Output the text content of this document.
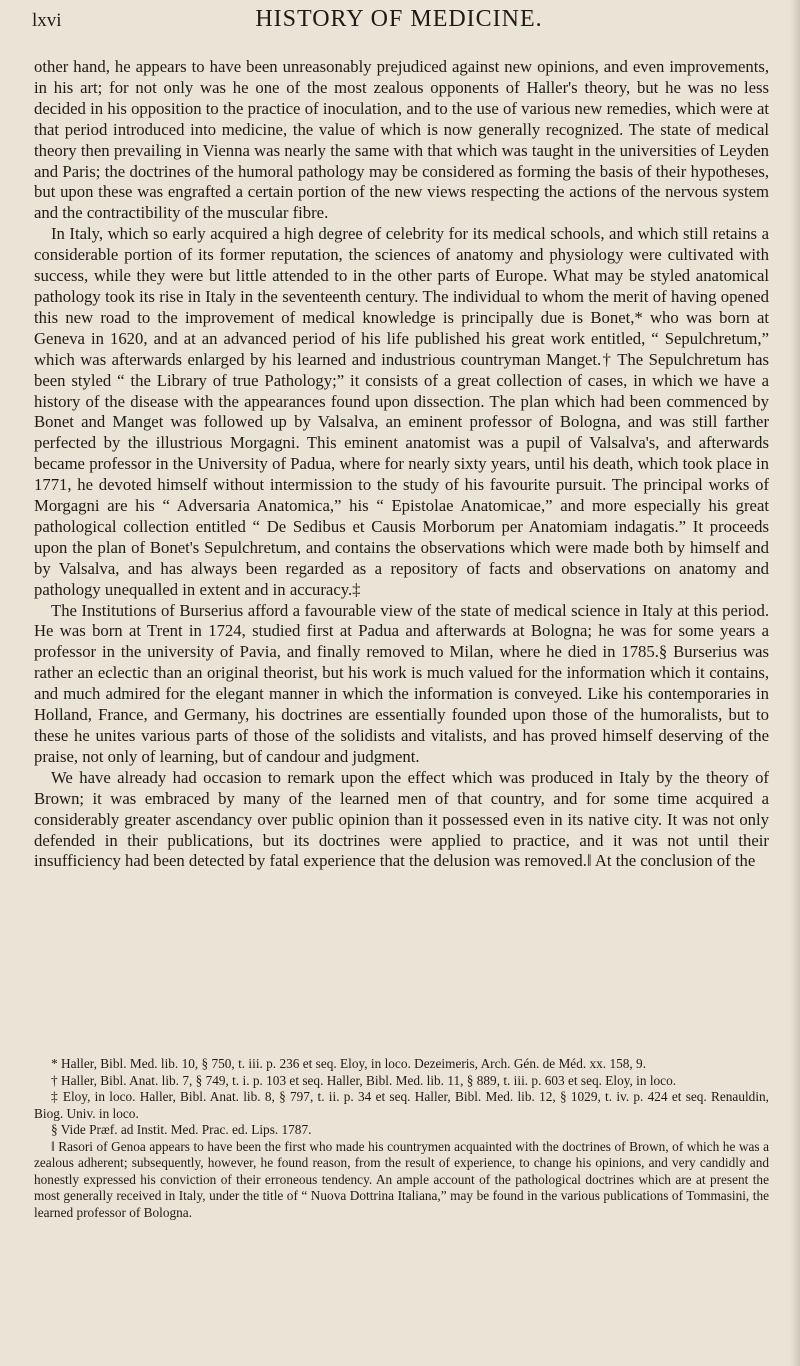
lxvi	HISTORY OF MEDICINE.

other hand, he appears to have been unreasonably prejudiced against new opinions, and even improvements, in his art; for not only was he one of the most zealous opponents of Haller's theory, but he was no less decided in his opposition to the practice of inoculation, and to the use of various new remedies, which were at that period introduced into medicine, the value of which is now generally recognized. The state of medical theory then prevailing in Vienna was nearly the same with that which was taught in the universities of Leyden and Paris; the doctrines of the humoral pathology may be considered as forming the basis of their hypotheses, but upon these was engrafted a certain portion of the new views respecting the actions of the nervous system and the contractibility of the muscular fibre.

In Italy, which so early acquired a high degree of celebrity for its medical schools, and which still retains a considerable portion of its former reputation, the sciences of anatomy and physiology were cultivated with success, while they were but little attended to in the other parts of Europe. What may be styled anatomical pathology took its rise in Italy in the seventeenth century. The individual to whom the merit of having opened this new road to the improvement of medical knowledge is principally due is Bonet,* who was born at Geneva in 1620, and at an advanced period of his life published his great work entitled, “ Sepulchretum,” which was afterwards enlarged by his learned and industrious countryman Manget.† The Sepulchretum has been styled “ the Library of true Pathology;” it consists of a great collection of cases, in which we have a history of the disease with the appearances found upon dissection. The plan which had been commenced by Bonet and Manget was followed up by Valsalva, an eminent professor of Bologna, and was still farther perfected by the illustrious Morgagni. This eminent anatomist was a pupil of Valsalva's, and afterwards became professor in the University of Padua, where for nearly sixty years, until his death, which took place in 1771, he devoted himself without intermission to the study of his favourite pursuit. The principal works of Morgagni are his “ Adversaria Anatomica,” his “ Epistolae Anatomicae,” and more especially his great pathological collection entitled “ De Sedibus et Causis Morborum per Anatomiam indagatis.” It proceeds upon the plan of Bonet's Sepulchretum, and contains the observations which were made both by himself and by Valsalva, and has always been regarded as a repository of facts and observations on anatomy and pathology unequalled in extent and in accuracy.‡

The Institutions of Burserius afford a favourable view of the state of medical science in Italy at this period. He was born at Trent in 1724, studied first at Padua and afterwards at Bologna; he was for some years a professor in the university of Pavia, and finally removed to Milan, where he died in 1785.§ Burserius was rather an eclectic than an original theorist, but his work is much valued for the information which it contains, and much admired for the elegant manner in which the information is conveyed. Like his contemporaries in Holland, France, and Germany, his doctrines are essentially founded upon those of the humoralists, but to these he unites various parts of those of the solidists and vitalists, and has proved himself deserving of the praise, not only of learning, but of candour and judgment.

We have already had occasion to remark upon the effect which was produced in Italy by the theory of Brown; it was embraced by many of the learned men of that country, and for some time acquired a considerably greater ascendancy over public opinion than it possessed even in its native city. It was not only defended in their publications, but its doctrines were applied to practice, and it was not until their insufficiency had been detected by fatal experience that the delusion was removed.‖ At the conclusion of the

* Haller, Bibl. Med. lib. 10, § 750, t. iii. p. 236 et seq. Eloy, in loco. Dezeimeris, Arch. Gén. de Méd. xx. 158, 9.

† Haller, Bibl. Anat. lib. 7, § 749, t. i. p. 103 et seq. Haller, Bibl. Med. lib. 11, § 889, t. iii. p. 603 et seq. Eloy, in loco.

‡ Eloy, in loco. Haller, Bibl. Anat. lib. 8, § 797, t. ii. p. 34 et seq. Haller, Bibl. Med. lib. 12, § 1029, t. iv. p. 424 et seq. Renauldin, Biog. Univ. in loco.

§ Vide Præf. ad Instit. Med. Prac. ed. Lips. 1787.

‖ Rasori of Genoa appears to have been the first who made his countrymen acquainted with the doctrines of Brown, of which he was a zealous adherent; subsequently, however, he found reason, from the result of experience, to change his opinions, and very candidly and honestly expressed his conviction of their erroneous tendency. An ample account of the pathological doctrines which are at present the most generally received in Italy, under the title of “ Nuova Dottrina Italiana,” may be found in the various publications of Tommasini, the learned professor of Bologna.
